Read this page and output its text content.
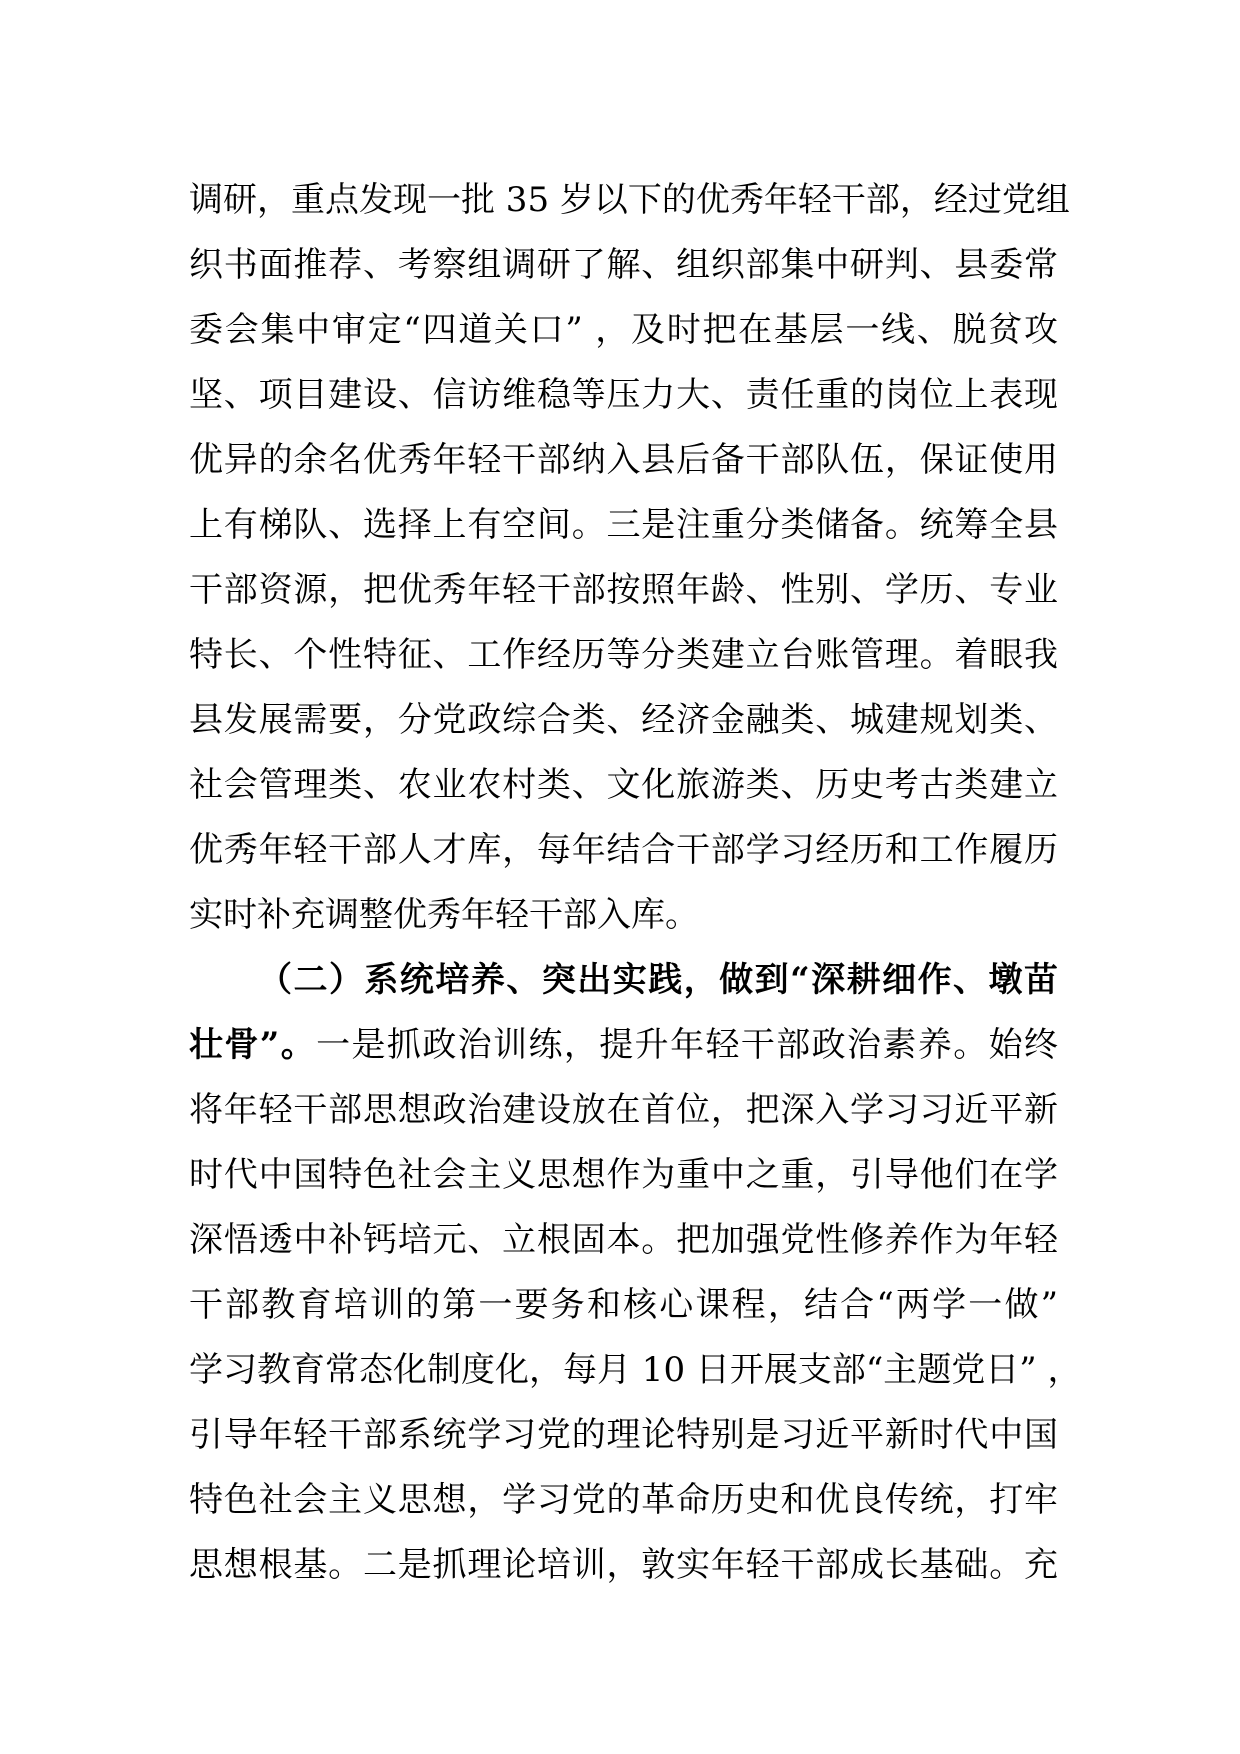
调研，重点发现一批 35 岁以下的优秀年轻干部，经过党组
织书面推荐、考察组调研了解、组织部集中研判、县委常
委会集中审定“四道关口” ，及时把在基层一线、脱贫攻
坚、项目建设、信访维稳等压力大、责任重的岗位上表现
优异的余名优秀年轻干部纳入县后备干部队伍，保证使用
上有梯队、选择上有空间。三是注重分类储备。统筹全县
干部资源，把优秀年轻干部按照年龄、性别、学历、专业
特长、个性特征、工作经历等分类建立台账管理。着眼我
县发展需要，分党政综合类、经济金融类、城建规划类、
社会管理类、农业农村类、文化旅游类、历史考古类建立
优秀年轻干部人才库，每年结合干部学习经历和工作履历
实时补充调整优秀年轻干部入库。
（二）系统培养、突出实践，做到“深耕细作、墩苗
壮骨”。一是抓政治训练，提升年轻干部政治素养。始终
将年轻干部思想政治建设放在首位，把深入学习习近平新
时代中国特色社会主义思想作为重中之重，引导他们在学
深悟透中补钙培元、立根固本。把加强党性修养作为年轻
干部教育培训的第一要务和核心课程，结合“两学一做”
学习教育常态化制度化，每月 10 日开展支部“主题党日” ，
引导年轻干部系统学习党的理论特别是习近平新时代中国
特色社会主义思想，学习党的革命历史和优良传统，打牢
思想根基。二是抓理论培训，敦实年轻干部成长基础。充
